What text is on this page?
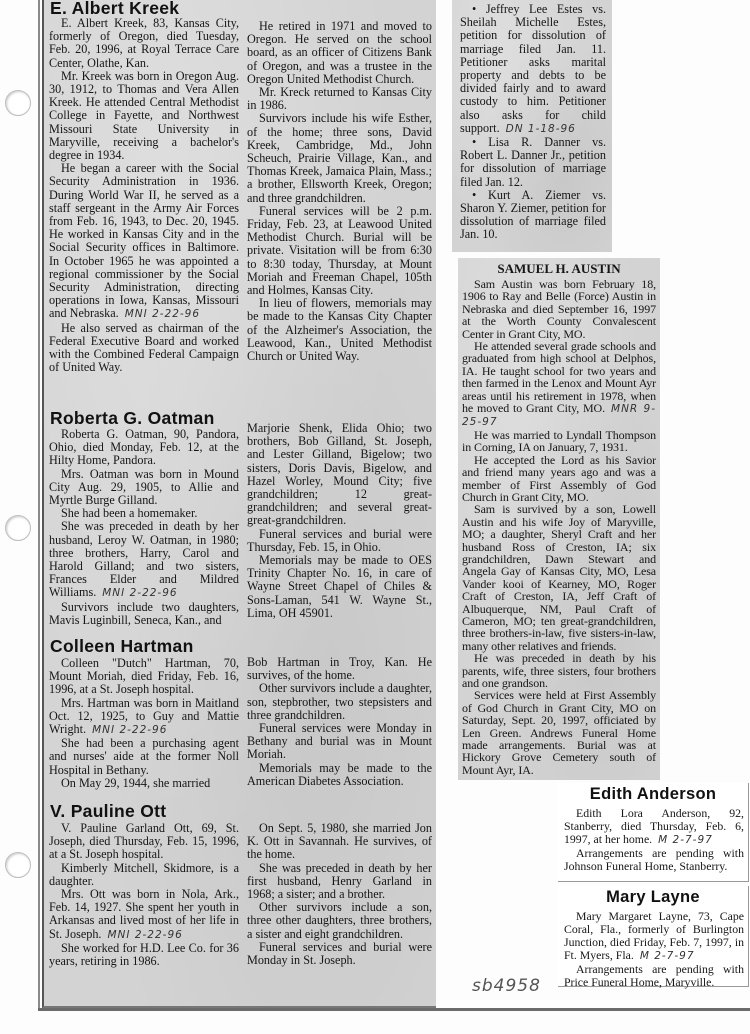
E. Albert Kreek

E. Albert Kreek, 83, Kansas City, formerly of Oregon, died Tuesday, Feb. 20, 1996, at Royal Terrace Care Center, Olathe, Kan.

Mr. Kreek was born in Oregon Aug. 30, 1912, to Thomas and Vera Allen Kreek. He attended Central Methodist College in Fayette, and Northwest Missouri State University in Maryville, receiving a bachelor's degree in 1934.

He began a career with the Social Security Administration in 1936. During World War II, he served as a staff sergeant in the Army Air Forces from Feb. 16, 1943, to Dec. 20, 1945. He worked in Kansas City and in the Social Security offices in Baltimore. In October 1965 he was appointed a regional commissioner by the Social Security Administration, directing operations in Iowa, Kansas, Missouri and Nebraska. MNI 2-22-96

He also served as chairman of the Federal Executive Board and worked with the Combined Federal Campaign of United Way.

He retired in 1971 and moved to Oregon. He served on the school board, as an officer of Citizens Bank of Oregon, and was a trustee in the Oregon United Methodist Church.

Mr. Kreck returned to Kansas City in 1986.

Survivors include his wife Esther, of the home; three sons, David Kreek, Cambridge, Md., John Scheuch, Prairie Village, Kan., and Thomas Kreek, Jamaica Plain, Mass.; a brother, Ellsworth Kreek, Oregon; and three grandchildren.

Funeral services will be 2 p.m. Friday, Feb. 23, at Leawood United Methodist Church. Burial will be private. Visitation will be from 6:30 to 8:30 today, Thursday, at Mount Moriah and Freeman Chapel, 105th and Holmes, Kansas City.

In lieu of flowers, memorials may be made to the Kansas City Chapter of the Alzheimer's Association, the Leawood, Kan., United Methodist Church or United Way.

Roberta G. Oatman

Roberta G. Oatman, 90, Pandora, Ohio, died Monday, Feb. 12, at the Hilty Home, Pandora.

Mrs. Oatman was born in Mound City Aug. 29, 1905, to Allie and Myrtle Burge Gilland.

She had been a homemaker.

She was preceded in death by her husband, Leroy W. Oatman, in 1980; three brothers, Harry, Carol and Harold Gilland; and two sisters, Frances Elder and Mildred Williams. MNI 2-22-96

Survivors include two daughters, Mavis Luginbill, Seneca, Kan., and

Marjorie Shenk, Elida Ohio; two brothers, Bob Gilland, St. Joseph, and Lester Gilland, Bigelow; two sisters, Doris Davis, Bigelow, and Hazel Worley, Mound City; five grandchildren; 12 great-grandchildren; and several great-great-grandchildren.

Funeral services and burial were Thursday, Feb. 15, in Ohio.

Memorials may be made to OES Trinity Chapter No. 16, in care of Wayne Street Chapel of Chiles & Sons-Laman, 541 W. Wayne St., Lima, OH 45901.

Colleen Hartman

Colleen "Dutch" Hartman, 70, Mount Moriah, died Friday, Feb. 16, 1996, at a St. Joseph hospital.

Mrs. Hartman was born in Maitland Oct. 12, 1925, to Guy and Mattie Wright. MNI 2-22-96

She had been a purchasing agent and nurses' aide at the former Noll Hospital in Bethany.

On May 29, 1944, she married

Bob Hartman in Troy, Kan. He survives, of the home.

Other survivors include a daughter, son, stepbrother, two stepsisters and three grandchildren.

Funeral services were Monday in Bethany and burial was in Mount Moriah.

Memorials may be made to the American Diabetes Association.

V. Pauline Ott

V. Pauline Garland Ott, 69, St. Joseph, died Thursday, Feb. 15, 1996, at a St. Joseph hospital.

Kimberly Mitchell, Skidmore, is a daughter.

Mrs. Ott was born in Nola, Ark., Feb. 14, 1927. She spent her youth in Arkansas and lived most of her life in St. Joseph. MNI 2-22-96

She worked for H.D. Lee Co. for 36 years, retiring in 1986.

On Sept. 5, 1980, she married Jon K. Ott in Savannah. He survives, of the home.

She was preceded in death by her first husband, Henry Garland in 1968; a sister; and a brother.

Other survivors include a son, three other daughters, three brothers, a sister and eight grandchildren.

Funeral services and burial were Monday in St. Joseph.

• Jeffrey Lee Estes vs. Sheilah Michelle Estes, petition for dissolution of marriage filed Jan. 11. Petitioner asks marital property and debts to be divided fairly and to award custody to him. Petitioner also asks for child support. DN 1-18-96

• Lisa R. Danner vs. Robert L. Danner Jr., petition for dissolution of marriage filed Jan. 12.

• Kurt A. Ziemer vs. Sharon Y. Ziemer, petition for dissolution of marriage filed Jan. 10.

SAMUEL H. AUSTIN

Sam Austin was born February 18, 1906 to Ray and Belle (Force) Austin in Nebraska and died September 16, 1997 at the Worth County Convalescent Center in Grant City, MO.

He attended several grade schools and graduated from high school at Delphos, IA. He taught school for two years and then farmed in the Lenox and Mount Ayr areas until his retirement in 1978, when he moved to Grant City, MO. MNR 9-25-97

He was married to Lyndall Thompson in Corning, IA on January, 7, 1931.

He accepted the Lord as his Savior and friend many years ago and was a member of First Assembly of God Church in Grant City, MO.

Sam is survived by a son, Lowell Austin and his wife Joy of Maryville, MO; a daughter, Sheryl Craft and her husband Ross of Creston, IA; six grandchildren, Dawn Stewart and Angela Gay of Kansas City, MO, Lesa Vander kooi of Kearney, MO, Roger Craft of Creston, IA, Jeff Craft of Albuquerque, NM, Paul Craft of Cameron, MO; ten great-grandchildren, three brothers-in-law, five sisters-in-law, many other relatives and friends.

He was preceded in death by his parents, wife, three sisters, four brothers and one grandson.

Services were held at First Assembly of God Church in Grant City, MO on Saturday, Sept. 20, 1997, officiated by Len Green. Andrews Funeral Home made arrangements. Burial was at Hickory Grove Cemetery south of Mount Ayr, IA.

Edith Anderson

Edith Lora Anderson, 92, Stanberry, died Thursday, Feb. 6, 1997, at her home. M 2-7-97

Arrangements are pending with Johnson Funeral Home, Stanberry.

Mary Layne

Mary Margaret Layne, 73, Cape Coral, Fla., formerly of Burlington Junction, died Friday, Feb. 7, 1997, in Ft. Myers, Fla. M 2-7-97

Arrangements are pending with Price Funeral Home, Maryville.

sb4958
